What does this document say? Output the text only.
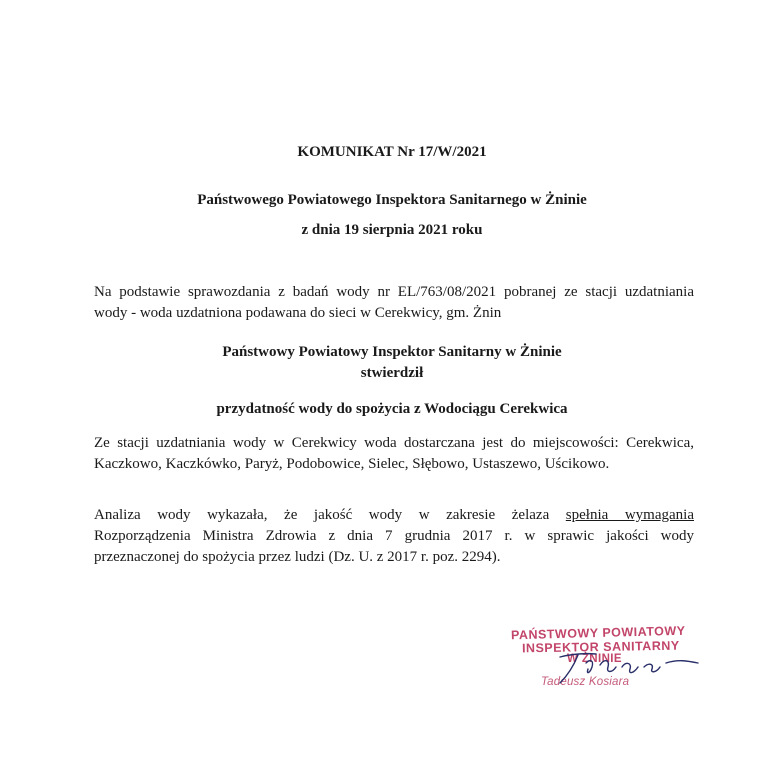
KOMUNIKAT Nr 17/W/2021
Państwowego Powiatowego Inspektora Sanitarnego w Żninie
z dnia 19 sierpnia 2021 roku
Na podstawie sprawozdania z badań wody nr EL/763/08/2021 pobranej ze stacji uzdatniania
wody - woda uzdatniona podawana do sieci w Cerekwicy, gm. Żnin
Państwowy Powiatowy Inspektor Sanitarny w Żninie
stwierdził
przydatność wody do spożycia z Wodociągu Cerekwica
Ze stacji uzdatniania wody w Cerekwicy woda dostarczana jest do miejscowości: Cerekwica,
Kaczkowo, Kaczkówko, Paryż, Podobowice, Sielec, Słębowo, Ustaszewo, Uścikowo.
Analiza wody wykazała, że jakość wody w zakresie żelaza spełnia wymagania
Rozporządzenia Ministra Zdrowia z dnia 7 grudnia 2017 r. w sprawic jakości wody
przeznaczonej do spożycia przez ludzi (Dz. U. z 2017 r. poz. 2294).
PAŃSTWOWY POWIATOWY
INSPEKTOR SANITARNY
W ŻNINIE
Tadeusz Kosiara
